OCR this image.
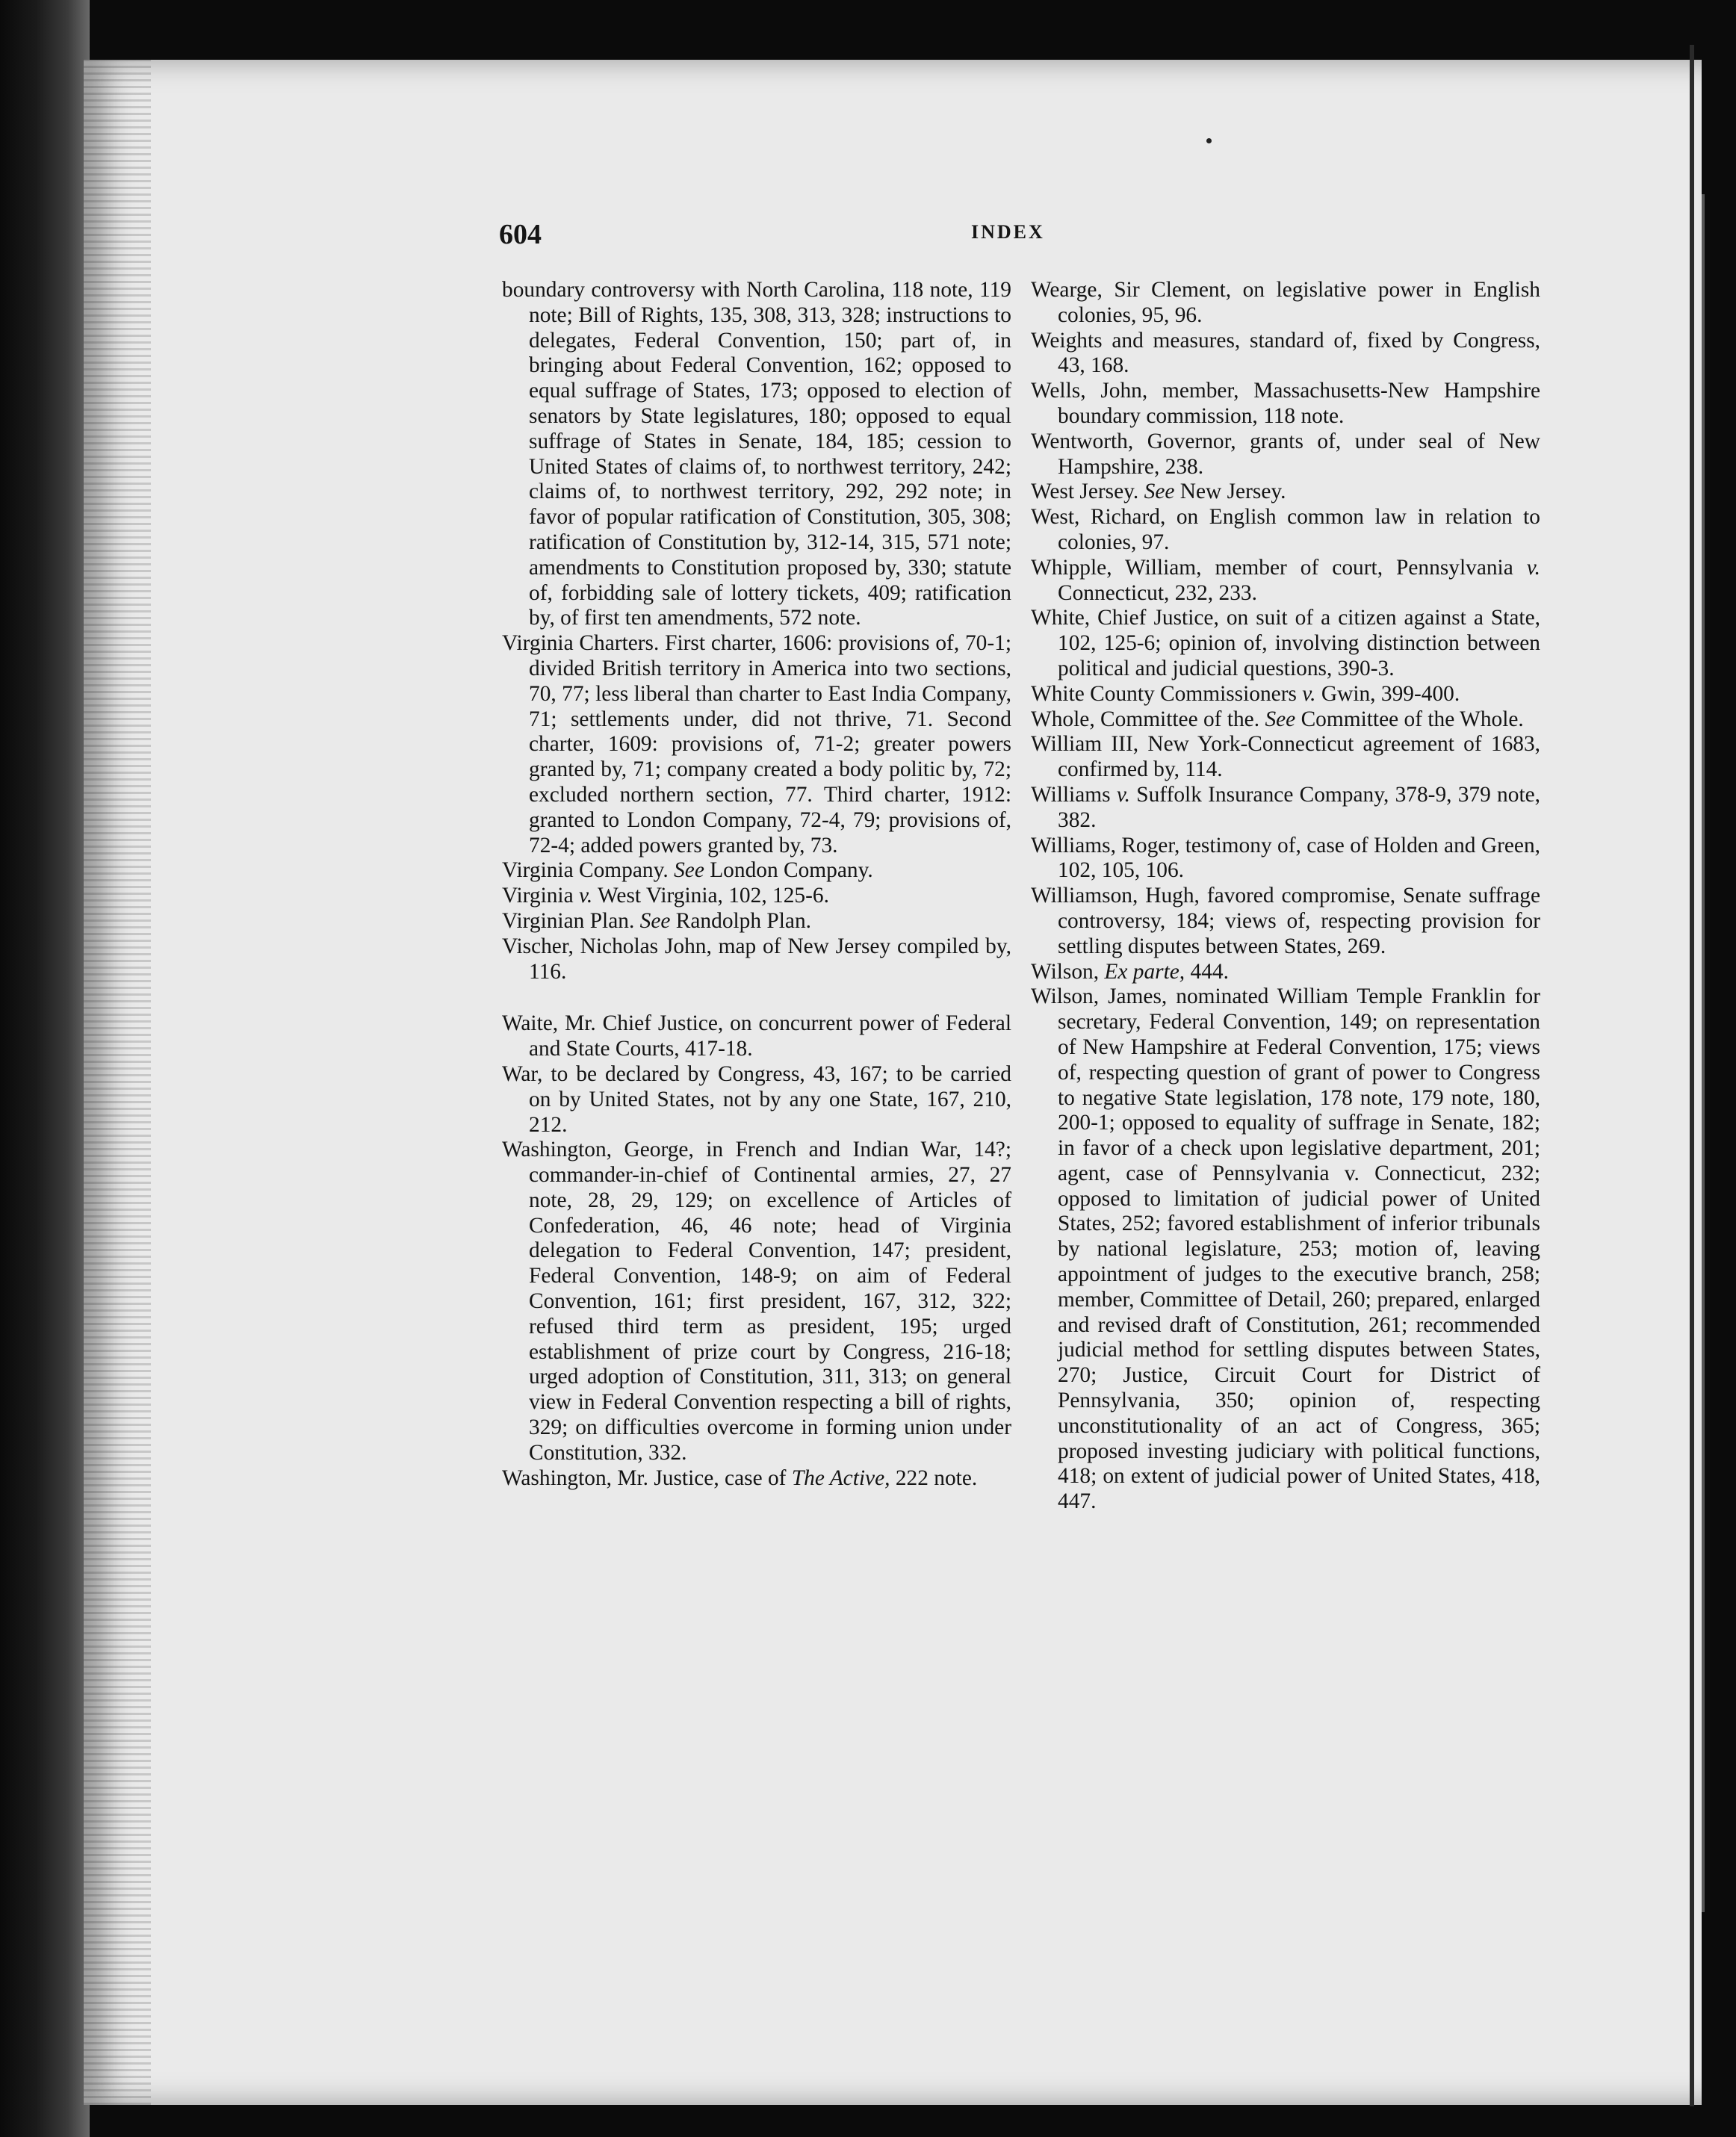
604	INDEX

boundary controversy with North Carolina, 118 note, 119 note; Bill of Rights, 135, 308, 313, 328; instructions to delegates, Federal Convention, 150; part of, in bringing about Federal Convention, 162; opposed to equal suffrage of States, 173; opposed to election of senators by State legislatures, 180; opposed to equal suffrage of States in Senate, 184, 185; cession to United States of claims of, to northwest territory, 242; claims of, to northwest territory, 292, 292 note; in favor of popular ratification of Constitution, 305, 308; ratification of Constitution by, 312-14, 315, 571 note; amendments to Constitution proposed by, 330; statute of, forbidding sale of lottery tickets, 409; ratification by, of first ten amendments, 572 note.

Virginia Charters. First charter, 1606: provisions of, 70-1; divided British territory in America into two sections, 70, 77; less liberal than charter to East India Company, 71; settlements under, did not thrive, 71. Second charter, 1609: provisions of, 71-2; greater powers granted by, 71; company created a body politic by, 72; excluded northern section, 77. Third charter, 1912: granted to London Company, 72-4, 79; provisions of, 72-4; added powers granted by, 73.

Virginia Company. See London Company.

Virginia v. West Virginia, 102, 125-6.

Virginian Plan. See Randolph Plan.

Vischer, Nicholas John, map of New Jersey compiled by, 116.

Waite, Mr. Chief Justice, on concurrent power of Federal and State Courts, 417-18.

War, to be declared by Congress, 43, 167; to be carried on by United States, not by any one State, 167, 210, 212.

Washington, George, in French and Indian War, 14?; commander-in-chief of Continental armies, 27, 27 note, 28, 29, 129; on excellence of Articles of Confederation, 46, 46 note; head of Virginia delegation to Federal Convention, 147; president, Federal Convention, 148-9; on aim of Federal Convention, 161; first president, 167, 312, 322; refused third term as president, 195; urged establishment of prize court by Congress, 216-18; urged adoption of Constitution, 311, 313; on general view in Federal Convention respecting a bill of rights, 329; on difficulties overcome in forming union under Constitution, 332.

Washington, Mr. Justice, case of The Active, 222 note.

Wearge, Sir Clement, on legislative power in English colonies, 95, 96.

Weights and measures, standard of, fixed by Congress, 43, 168.

Wells, John, member, Massachusetts-New Hampshire boundary commission, 118 note.

Wentworth, Governor, grants of, under seal of New Hampshire, 238.

West Jersey. See New Jersey.

West, Richard, on English common law in relation to colonies, 97.

Whipple, William, member of court, Pennsylvania v. Connecticut, 232, 233.

White, Chief Justice, on suit of a citizen against a State, 102, 125-6; opinion of, involving distinction between political and judicial questions, 390-3.

White County Commissioners v. Gwin, 399-400.

Whole, Committee of the. See Committee of the Whole.

William III, New York-Connecticut agreement of 1683, confirmed by, 114.

Williams v. Suffolk Insurance Company, 378-9, 379 note, 382.

Williams, Roger, testimony of, case of Holden and Green, 102, 105, 106.

Williamson, Hugh, favored compromise, Senate suffrage controversy, 184; views of, respecting provision for settling disputes between States, 269.

Wilson, Ex parte, 444.

Wilson, James, nominated William Temple Franklin for secretary, Federal Convention, 149; on representation of New Hampshire at Federal Convention, 175; views of, respecting question of grant of power to Congress to negative State legislation, 178 note, 179 note, 180, 200-1; opposed to equality of suffrage in Senate, 182; in favor of a check upon legislative department, 201; agent, case of Pennsylvania v. Connecticut, 232; opposed to limitation of judicial power of United States, 252; favored establishment of inferior tribunals by national legislature, 253; motion of, leaving appointment of judges to the executive branch, 258; member, Committee of Detail, 260; prepared, enlarged and revised draft of Constitution, 261; recommended judicial method for settling disputes between States, 270; Justice, Circuit Court for District of Pennsylvania, 350; opinion of, respecting unconstitutionality of an act of Congress, 365; proposed investing judiciary with political functions, 418; on extent of judicial power of United States, 418, 447.
